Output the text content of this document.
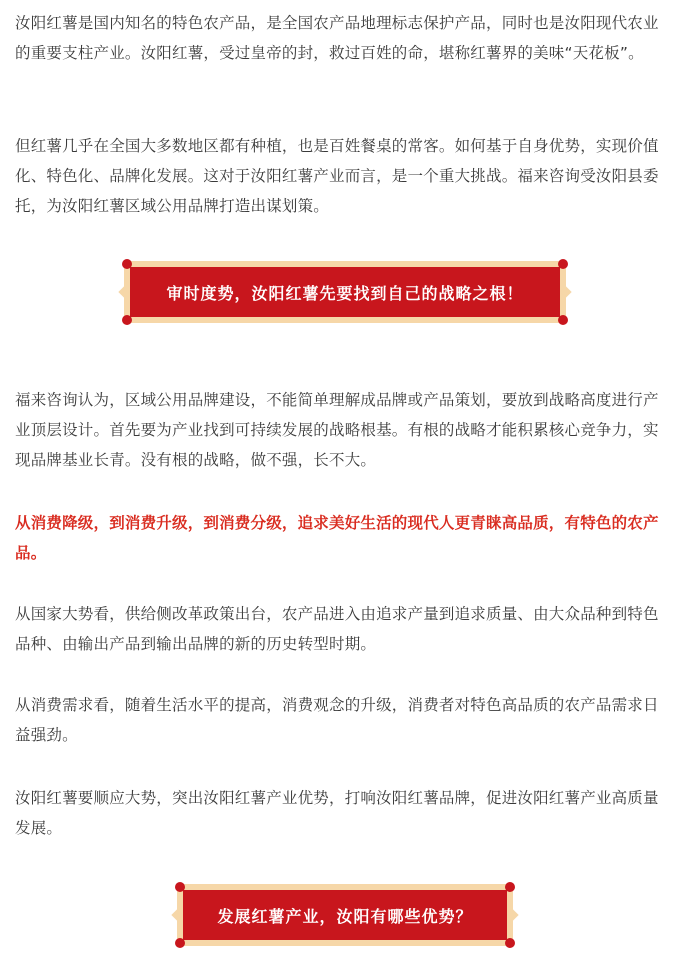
汝阳红薯是国内知名的特色农产品，是全国农产品地理标志保护产品，同时也是汝阳现代农业的重要支柱产业。汝阳红薯，受过皇帝的封，救过百姓的命，堪称红薯界的美味“天花板”。

但红薯几乎在全国大多数地区都有种植，也是百姓餐桌的常客。如何基于自身优势，实现价值化、特色化、品牌化发展。这对于汝阳红薯产业而言，是一个重大挑战。福来咨询受汝阳县委托，为汝阳红薯区域公用品牌打造出谋划策。

审时度势，汝阳红薯先要找到自己的战略之根！

福来咨询认为，区域公用品牌建设，不能简单理解成品牌或产品策划，要放到战略高度进行产业顶层设计。首先要为产业找到可持续发展的战略根基。有根的战略才能积累核心竞争力，实现品牌基业长青。没有根的战略，做不强，长不大。

从消费降级，到消费升级，到消费分级，追求美好生活的现代人更青睐高品质，有特色的农产品。

从国家大势看，供给侧改革政策出台，农产品进入由追求产量到追求质量、由大众品种到特色品种、由输出产品到输出品牌的新的历史转型时期。

从消费需求看，随着生活水平的提高，消费观念的升级，消费者对特色高品质的农产品需求日益强劲。

汝阳红薯要顺应大势，突出汝阳红薯产业优势，打响汝阳红薯品牌，促进汝阳红薯产业高质量发展。

发展红薯产业，汝阳有哪些优势？
